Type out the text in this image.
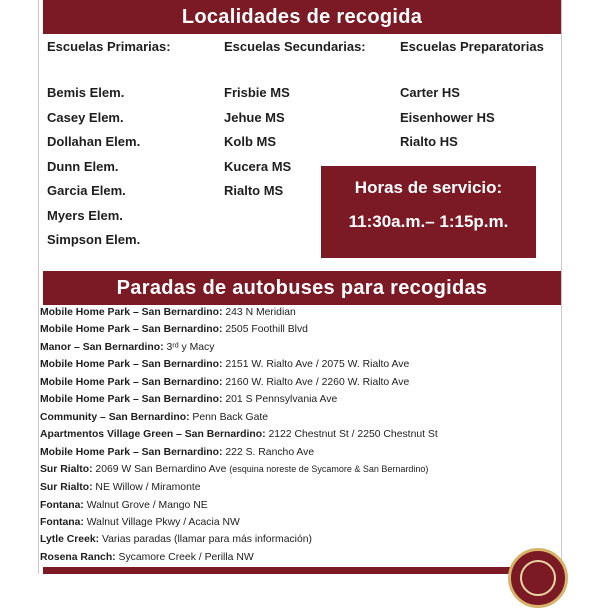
Localidades de recogida
Escuelas Primarias:	Escuelas Secundarias:	Escuelas Preparatorias
Bemis Elem.
Casey Elem.
Dollahan Elem.
Dunn Elem.
Garcia Elem.
Myers Elem.
Simpson Elem.
Frisbie MS
Jehue MS
Kolb MS
Kucera MS
Rialto MS
Carter HS
Eisenhower HS
Rialto HS
Horas de servicio:
11:30a.m.– 1:15p.m.
Paradas de autobuses para recogidas
Mobile Home Park – San Bernardino: 243 N Meridian
Mobile Home Park – San Bernardino: 2505 Foothill Blvd
Manor – San Bernardino: 3ʳᵈ y Macy
Mobile Home Park – San Bernardino: 2151 W. Rialto Ave / 2075 W. Rialto Ave
Mobile Home Park – San Bernardino: 2160 W. Rialto Ave / 2260 W. Rialto Ave
Mobile Home Park – San Bernardino: 201 S Pennsylvania Ave
Community – San Bernardino: Penn Back Gate
Apartmentos Village Green – San Bernardino: 2122 Chestnut St / 2250 Chestnut St
Mobile Home Park – San Bernardino: 222 S. Rancho Ave
Sur Rialto: 2069 W San Bernardino Ave (esquina noreste de Sycamore & San Bernardino)
Sur Rialto: NE Willow / Miramonte
Fontana: Walnut Grove / Mango NE
Fontana: Walnut Village Pkwy / Acacia NW
Lytle Creek: Varias paradas (llamar para más información)
Rosena Ranch: Sycamore Creek / Perilla NW
